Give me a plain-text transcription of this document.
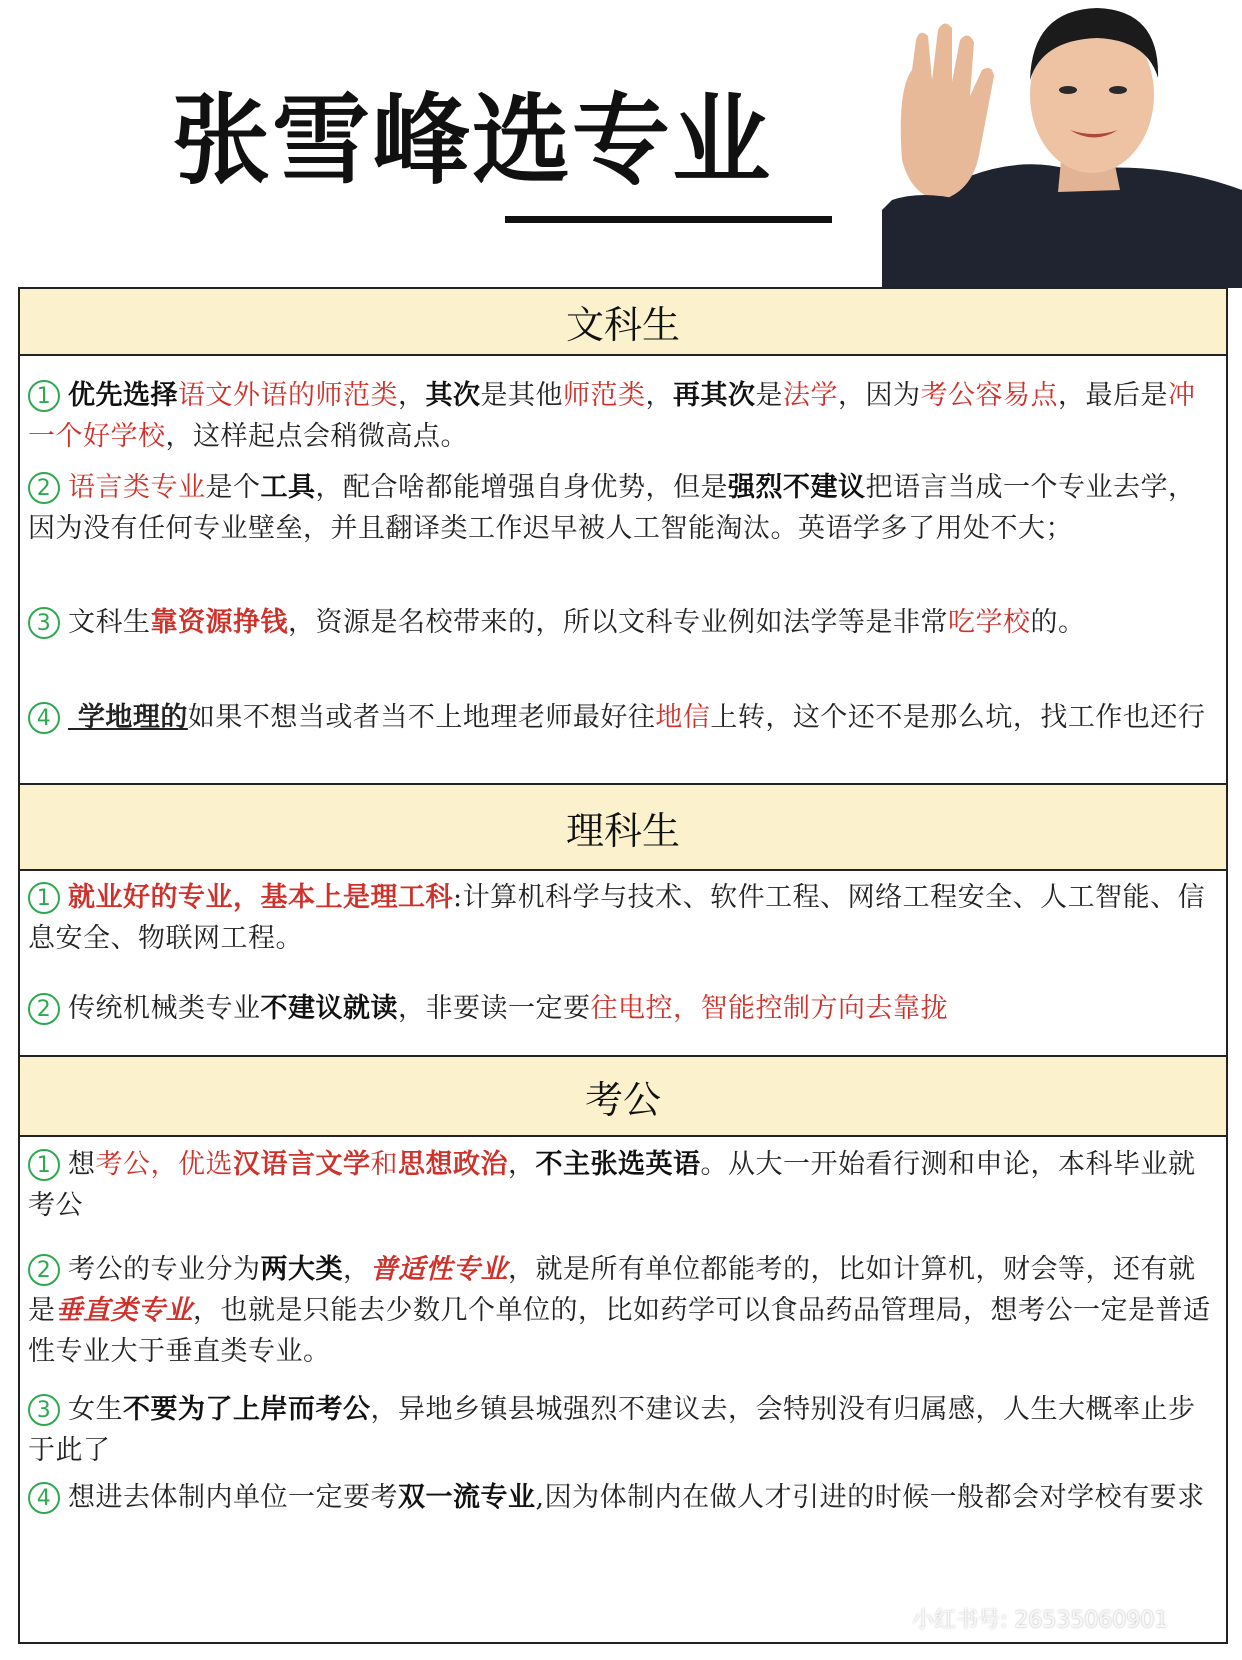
张雪峰选专业
文科生
1 优先选择语文外语的师范类，其次是其他师范类，再其次是法学，因为考公容易点，最后是冲一个好学校，这样起点会稍微高点。
2 语言类专业是个工具，配合啥都能增强自身优势，但是强烈不建议把语言当成一个专业去学，因为没有任何专业壁垒，并且翻译类工作迟早被人工智能淘汰。英语学多了用处不大；
3 文科生靠资源挣钱，资源是名校带来的，所以文科专业例如法学等是非常吃学校的。
4 学地理的如果不想当或者当不上地理老师最好往地信上转，这个还不是那么坑，找工作也还行
理科生
1 就业好的专业，基本上是理工科:计算机科学与技术、软件工程、网络工程安全、人工智能、信息安全、物联网工程。
2 传统机械类专业不建议就读，非要读一定要往电控，智能控制方向去靠拢
考公
1 想考公，优选汉语言文学和思想政治，不主张选英语。从大一开始看行测和申论，本科毕业就考公
2 考公的专业分为两大类，普适性专业，就是所有单位都能考的，比如计算机，财会等，还有就是垂直类专业，也就是只能去少数几个单位的，比如药学可以食品药品管理局，想考公一定是普适性专业大于垂直类专业。
3 女生不要为了上岸而考公，异地乡镇县城强烈不建议去，会特别没有归属感，人生大概率止步于此了
4 想进去体制内单位一定要考双一流专业,因为体制内在做人才引进的时候一般都会对学校有要求
小红书号: 26535060901
